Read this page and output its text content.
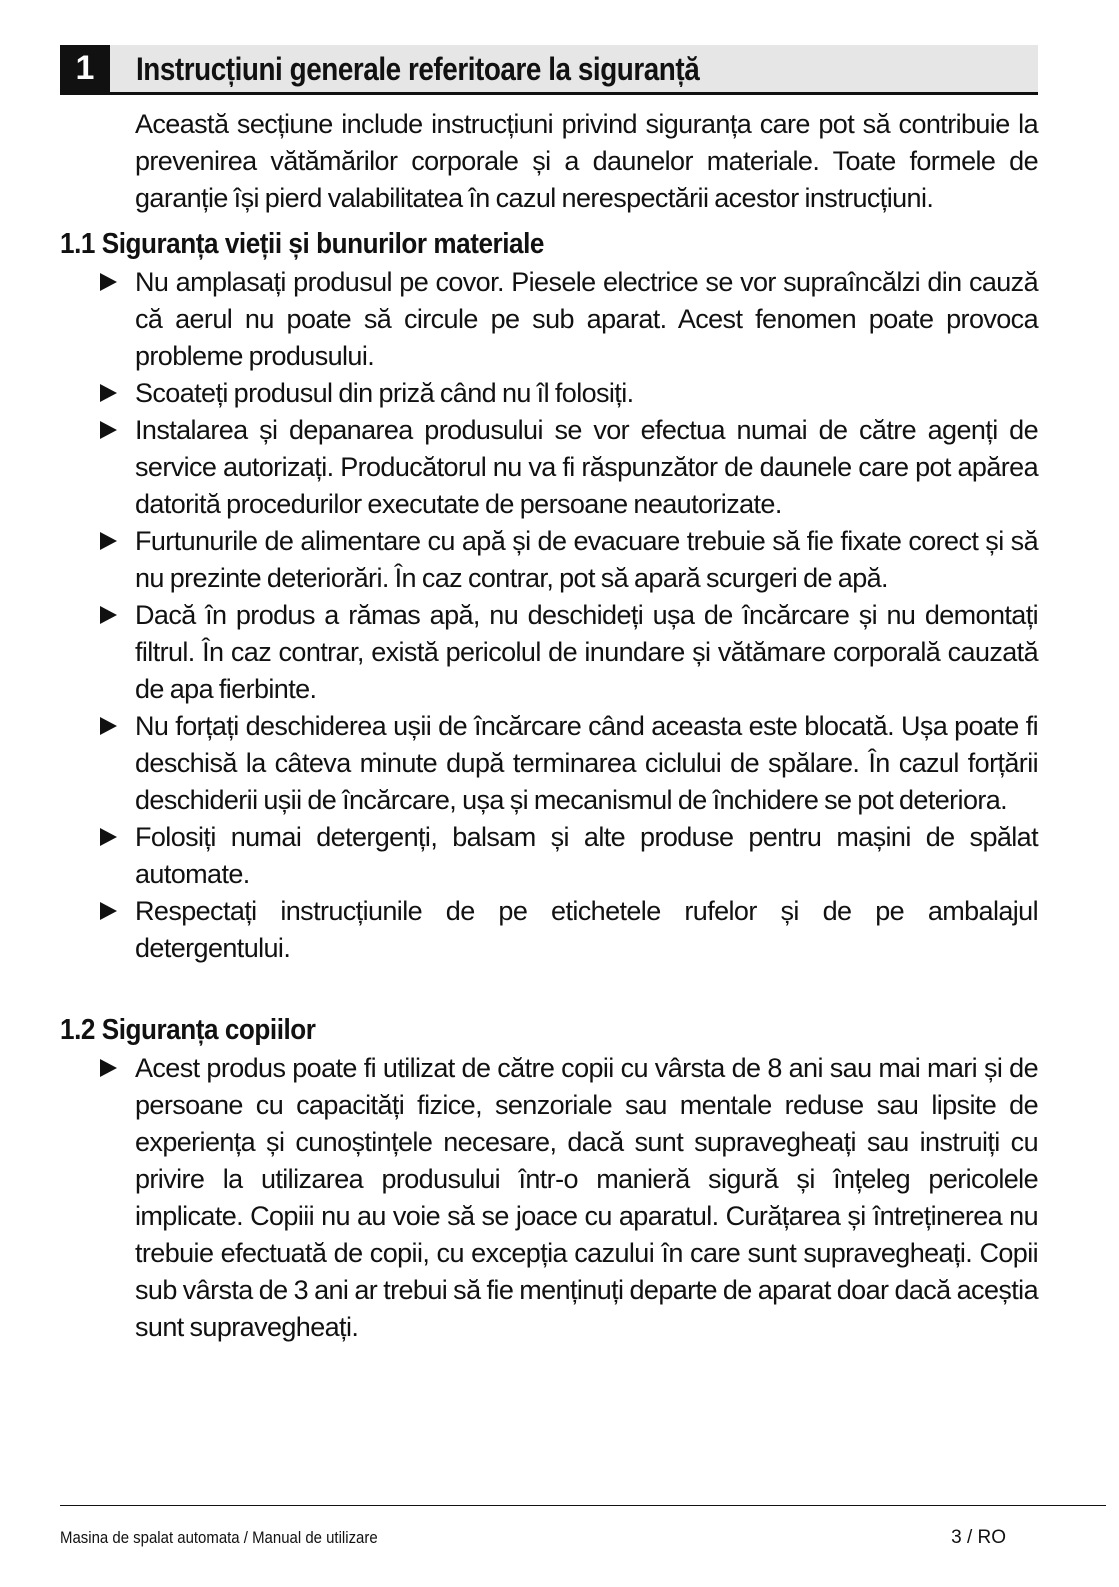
1	Instrucțiuni generale referitoare la siguranță

Această secțiune include instrucțiuni privind siguranța care pot să contribuie la prevenirea vătămărilor corporale și a daunelor materiale. Toate formele de garanție își pierd valabilitatea în cazul nerespectării acestor instrucțiuni.

1.1 Siguranța vieții și bunurilor materiale
Nu amplasați produsul pe covor. Piesele electrice se vor supraîncălzi din cauză că aerul nu poate să circule pe sub aparat. Acest fenomen poate provoca probleme produsului.
Scoateți produsul din priză când nu îl folosiți.
Instalarea și depanarea produsului se vor efectua numai de către agenți de service autorizați. Producătorul nu va fi răspunzător de daunele care pot apărea datorită procedurilor executate de persoane neautorizate.
Furtunurile de alimentare cu apă și de evacuare trebuie să fie fixate corect și să nu prezinte deteriorări. În caz contrar, pot să apară scurgeri de apă.
Dacă în produs a rămas apă, nu deschideți ușa de încărcare și nu demontați filtrul. În caz contrar, există pericolul de inundare și vătămare corporală cauzată de apa fierbinte.
Nu forțați deschiderea ușii de încărcare când aceasta este blocată. Ușa poate fi deschisă la câteva minute după terminarea ciclului de spălare. În cazul forțării deschiderii ușii de încărcare, ușa și mecanismul de închidere se pot deteriora.
Folosiți numai detergenți, balsam și alte produse pentru mașini de spălat automate.
Respectați instrucțiunile de pe etichetele rufelor și de pe ambalajul detergentului.
1.2 Siguranța copiilor
Acest produs poate fi utilizat de către copii cu vârsta de 8 ani sau mai mari și de persoane cu capacități fizice, senzoriale sau mentale reduse sau lipsite de experiența și cunoștințele necesare, dacă sunt supravegheați sau instruiți cu privire la utilizarea produsului într-o manieră sigură și înțeleg pericolele implicate. Copiii nu au voie să se joace cu aparatul. Curățarea și întreținerea nu trebuie efectuată de copii, cu excepția cazului în care sunt supravegheați. Copii sub vârsta de 3 ani ar trebui să fie menținuți departe de aparat doar dacă aceștia sunt supravegheați.
Masina de spalat automata / Manual de utilizare	3 / RO
